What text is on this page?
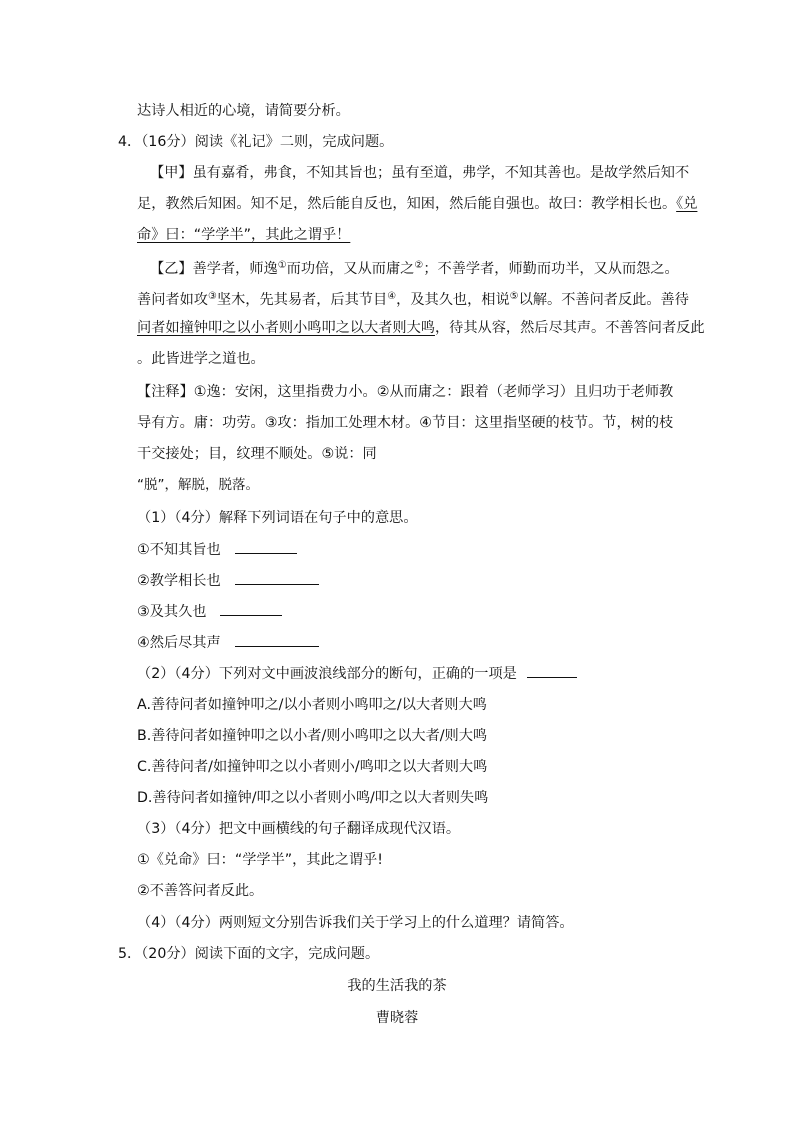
达诗人相近的心境，请简要分析。
4．（16分）阅读《礼记》二则，完成问题。
【甲】虽有嘉肴，弗食，不知其旨也；虽有至道，弗学，不知其善也。是故学然后知不
足，教然后知困。知不足，然后能自反也，知困，然后能自强也。故曰：教学相长也。《兑
命》曰：“学学半”，其此之谓乎！
【乙】善学者，师逸①而功倍，又从而庸之②；不善学者，师勤而功半，又从而怨之。
善问者如攻③坚木，先其易者，后其节目④，及其久也，相说⑤以解。不善问者反此。善待
问者如撞钟叩之以小者则小鸣叩之以大者则大鸣，待其从容，然后尽其声。不善答问者反此
。此皆进学之道也。
【注释】①逸：安闲，这里指费力小。②从而庸之：跟着（老师学习）且归功于老师教
导有方。庸：功劳。③攻：指加工处理木材。④节目：这里指坚硬的枝节。节，树的枝
干交接处；目，纹理不顺处。⑤说：同
“脱”，解脱，脱落。
（1）（4分）解释下列词语在句子中的意思。
①不知其旨也
②教学相长也
③及其久也
④然后尽其声
（2）（4分）下列对文中画波浪线部分的断句，正确的一项是
A.善待问者如撞钟叩之/以小者则小鸣叩之/以大者则大鸣
B.善待问者如撞钟叩之以小者/则小鸣叩之以大者/则大鸣
C.善待问者/如撞钟叩之以小者则小/鸣叩之以大者则大鸣
D.善待问者如撞钟/叩之以小者则小鸣/叩之以大者则失鸣
（3）（4分）把文中画横线的句子翻译成现代汉语。
①《兑命》曰：“学学半”，其此之谓乎!
②不善答问者反此。
（4）（4分）两则短文分别告诉我们关于学习上的什么道理？请简答。
5．（20分）阅读下面的文字，完成问题。
我的生活我的茶
曹晓蓉
